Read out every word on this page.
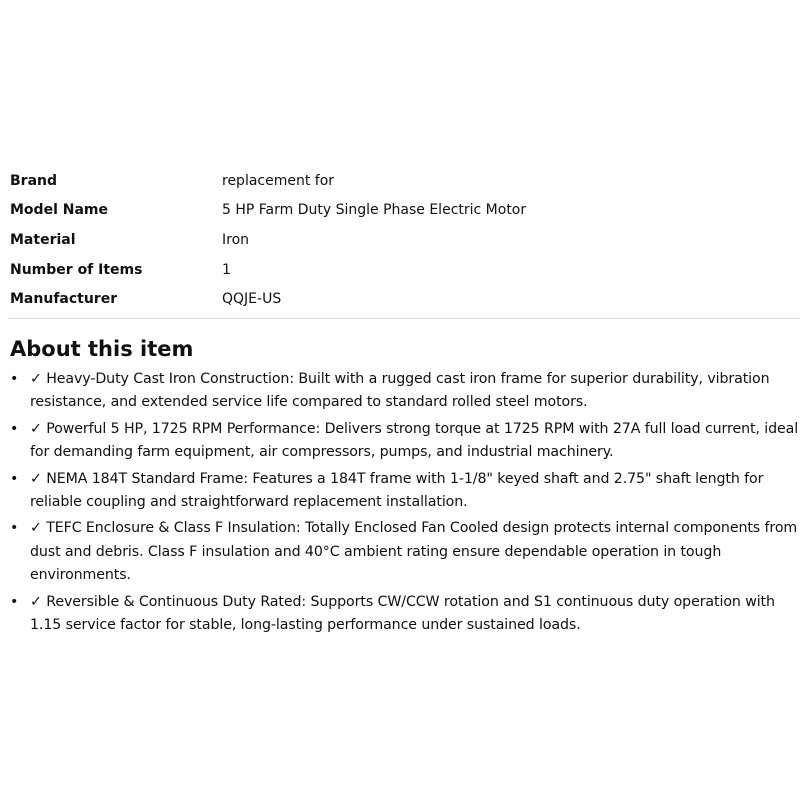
Brand	replacement for
Model Name	5 HP Farm Duty Single Phase Electric Motor
Material	Iron
Number of Items	1
Manufacturer	QQJE-US
About this item
• ✓ Heavy-Duty Cast Iron Construction: Built with a rugged cast iron frame for superior durability, vibration resistance, and extended service life compared to standard rolled steel motors.
• ✓ Powerful 5 HP, 1725 RPM Performance: Delivers strong torque at 1725 RPM with 27A full load current, ideal for demanding farm equipment, air compressors, pumps, and industrial machinery.
• ✓ NEMA 184T Standard Frame: Features a 184T frame with 1-1/8" keyed shaft and 2.75" shaft length for reliable coupling and straightforward replacement installation.
• ✓ TEFC Enclosure & Class F Insulation: Totally Enclosed Fan Cooled design protects internal components from dust and debris. Class F insulation and 40°C ambient rating ensure dependable operation in tough environments.
• ✓ Reversible & Continuous Duty Rated: Supports CW/CCW rotation and S1 continuous duty operation with 1.15 service factor for stable, long-lasting performance under sustained loads.
